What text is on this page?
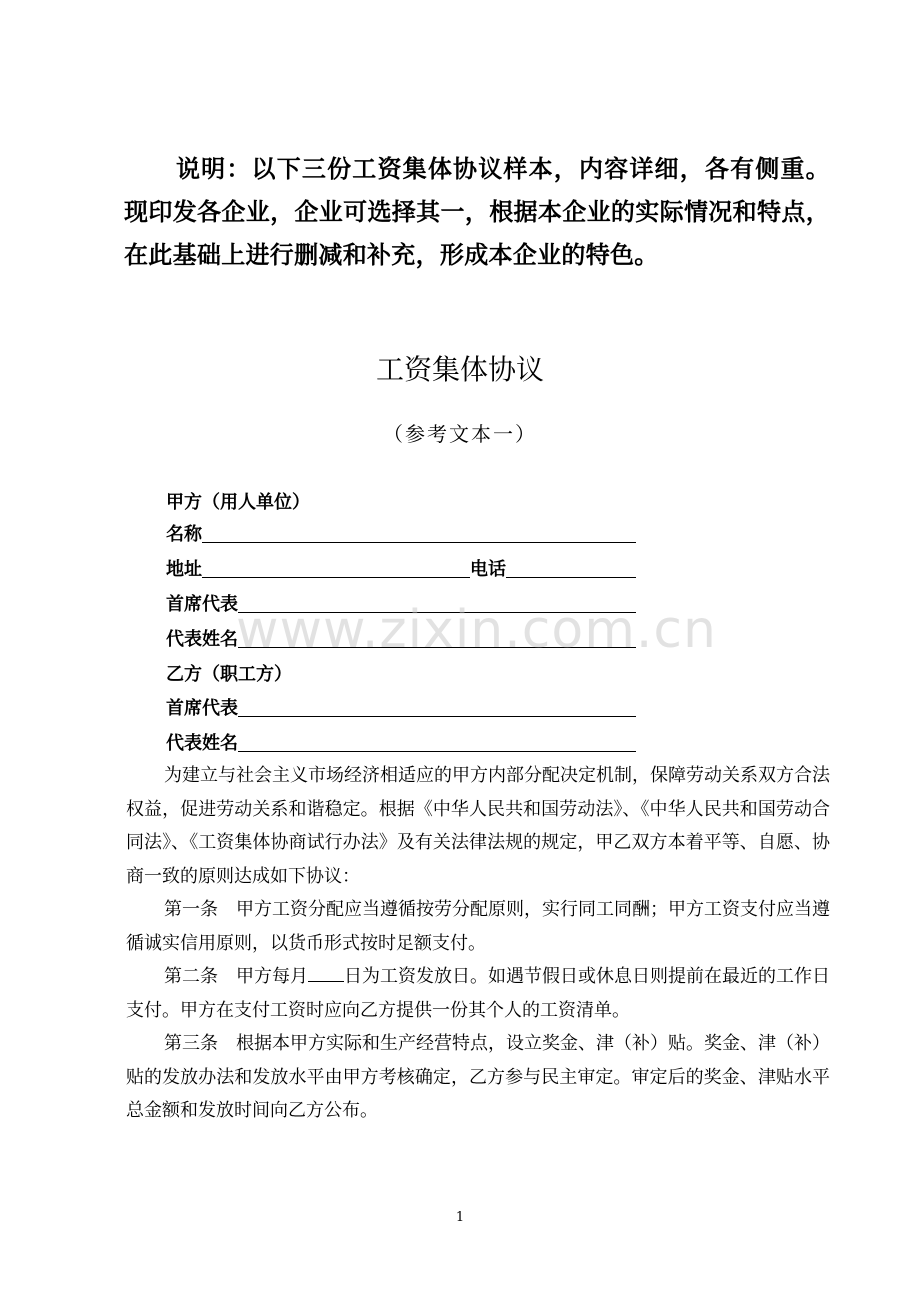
说明：以下三份工资集体协议样本，内容详细，各有侧重。现印发各企业，企业可选择其一，根据本企业的实际情况和特点，在此基础上进行删减和补充，形成本企业的特色。
工资集体协议
（参考文本一）
甲方（用人单位）
名称
地址	电话
首席代表
代表姓名
乙方（职工方）
首席代表
代表姓名
为建立与社会主义市场经济相适应的甲方内部分配决定机制，保障劳动关系双方合法权益，促进劳动关系和谐稳定。根据《中华人民共和国劳动法》、《中华人民共和国劳动合同法》、《工资集体协商试行办法》及有关法律法规的规定，甲乙双方本着平等、自愿、协商一致的原则达成如下协议：
第一条　甲方工资分配应当遵循按劳分配原则，实行同工同酬；甲方工资支付应当遵循诚实信用原则，以货币形式按时足额支付。
第二条　甲方每月 日为工资发放日。如遇节假日或休息日则提前在最近的工作日支付。甲方在支付工资时应向乙方提供一份其个人的工资清单。
第三条　根据本甲方实际和生产经营特点，设立奖金、津（补）贴。奖金、津（补）贴的发放办法和发放水平由甲方考核确定，乙方参与民主审定。审定后的奖金、津贴水平总金额和发放时间向乙方公布。
www.zixin.com.cn
1
